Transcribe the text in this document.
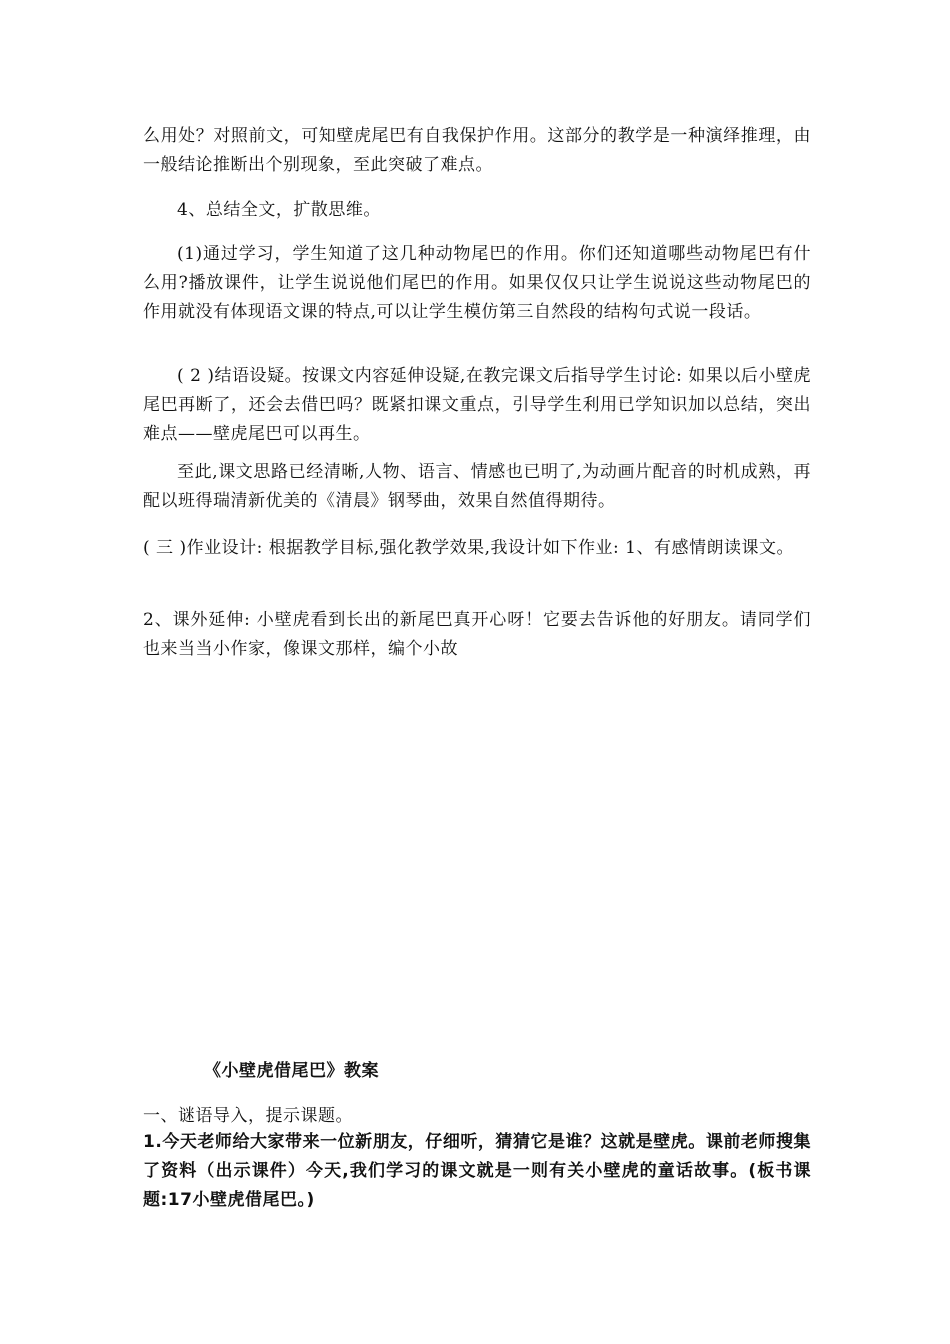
么用处？对照前文，可知壁虎尾巴有自我保护作用。这部分的教学是一种演绎推理，由一般结论推断出个别现象，至此突破了难点。

4、总结全文，扩散思维。

(1)通过学习，学生知道了这几种动物尾巴的作用。你们还知道哪些动物尾巴有什么用?播放课件，让学生说说他们尾巴的作用。如果仅仅只让学生说说这些动物尾巴的作用就没有体现语文课的特点,可以让学生模仿第三自然段的结构句式说一段话。

( 2 )结语设疑。按课文内容延伸设疑,在教完课文后指导学生讨论: 如果以后小壁虎尾巴再断了，还会去借巴吗？既紧扣课文重点，引导学生利用已学知识加以总结，突出难点——壁虎尾巴可以再生。

至此,课文思路已经清晰,人物、语言、情感也已明了,为动画片配音的时机成熟，再配以班得瑞清新优美的《清晨》钢琴曲，效果自然值得期待。

( 三 )作业设计: 根据教学目标,强化教学效果,我设计如下作业: 1、有感情朗读课文。

2、课外延伸: 小壁虎看到长出的新尾巴真开心呀！它要去告诉他的好朋友。请同学们也来当当小作家，像课文那样，编个小故

《小壁虎借尾巴》教案

一、谜语导入，提示课题。

1.今天老师给大家带来一位新朋友，仔细听，猜猜它是谁？这就是壁虎。课前老师搜集了资料（出示课件）今天,我们学习的课文就是一则有关小壁虎的童话故事。(板书课题:17小壁虎借尾巴。)
